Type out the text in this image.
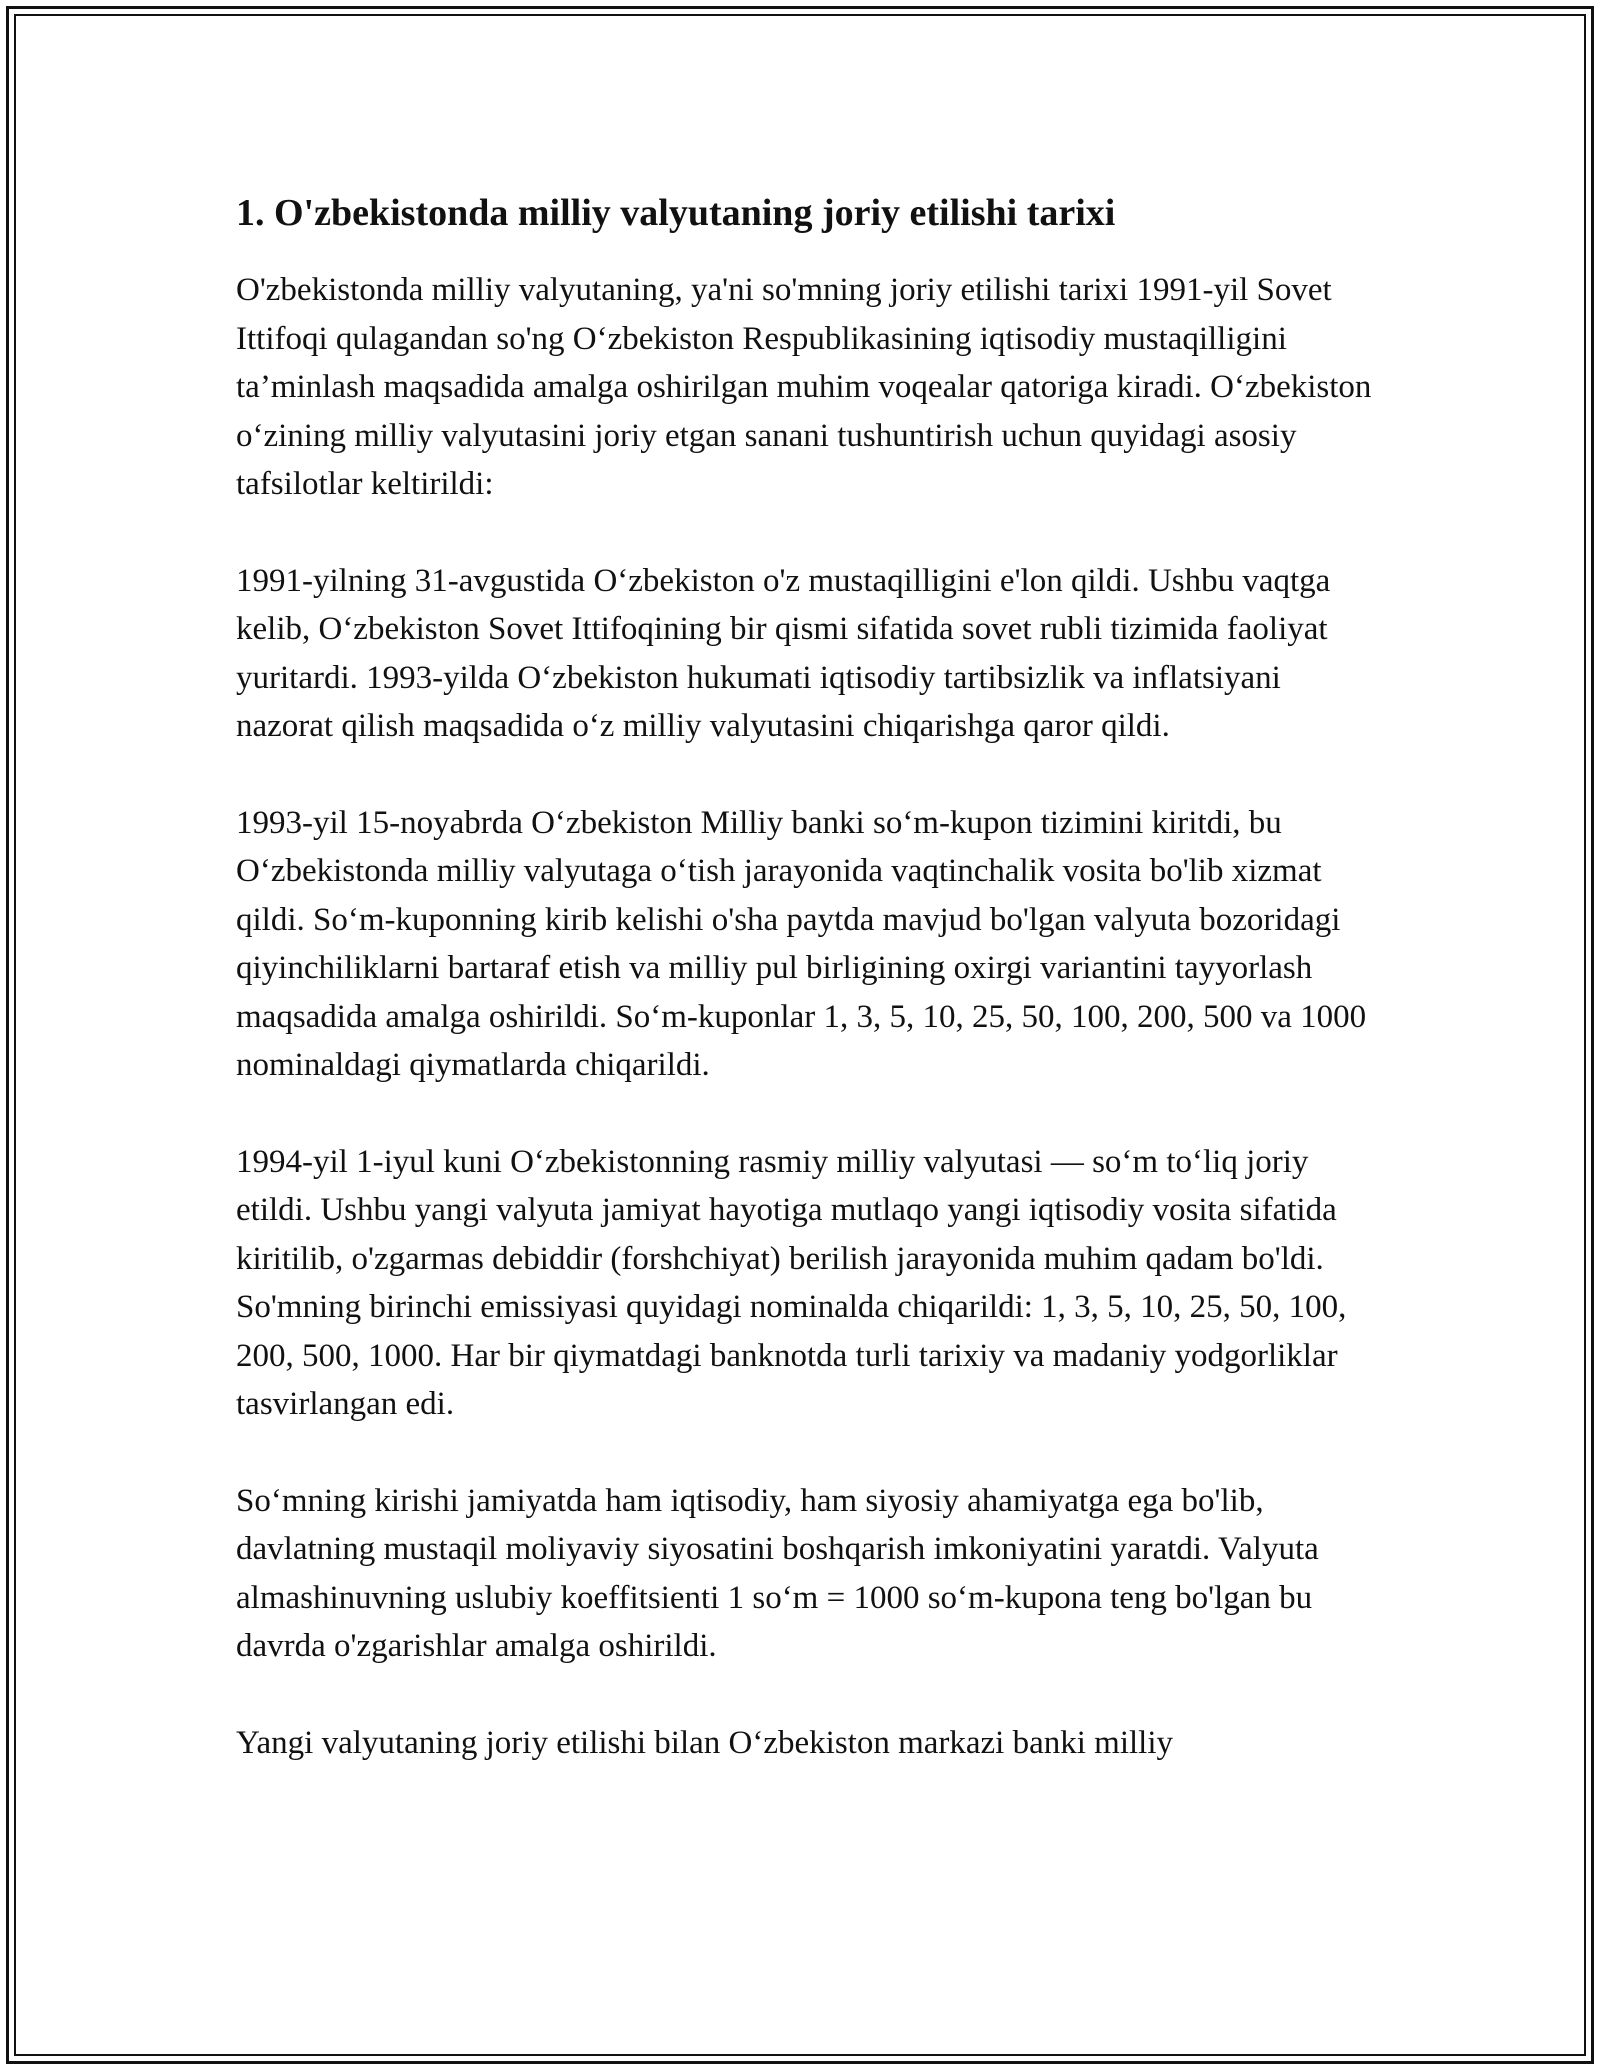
1. O'zbekistonda milliy valyutaning joriy etilishi tarixi

O'zbekistonda milliy valyutaning, ya'ni so'mning joriy etilishi tarixi 1991-yil Sovet Ittifoqi qulagandan so'ng O‘zbekiston Respublikasining iqtisodiy mustaqilligini ta’minlash maqsadida amalga oshirilgan muhim voqealar qatoriga kiradi. O‘zbekiston o‘zining milliy valyutasini joriy etgan sanani tushuntirish uchun quyidagi asosiy tafsilotlar keltirildi:

1991-yilning 31-avgustida O‘zbekiston o'z mustaqilligini e'lon qildi. Ushbu vaqtga kelib, O‘zbekiston Sovet Ittifoqining bir qismi sifatida sovet rubli tizimida faoliyat yuritardi. 1993-yilda O‘zbekiston hukumati iqtisodiy tartibsizlik va inflatsiyani nazorat qilish maqsadida o‘z milliy valyutasini chiqarishga qaror qildi.

1993-yil 15-noyabrda O‘zbekiston Milliy banki so‘m-kupon tizimini kiritdi, bu O‘zbekistonda milliy valyutaga o‘tish jarayonida vaqtinchalik vosita bo'lib xizmat qildi. So‘m-kuponning kirib kelishi o'sha paytda mavjud bo'lgan valyuta bozoridagi qiyinchiliklarni bartaraf etish va milliy pul birligining oxirgi variantini tayyorlash maqsadida amalga oshirildi. So‘m-kuponlar 1, 3, 5, 10, 25, 50, 100, 200, 500 va 1000 nominaldagi qiymatlarda chiqarildi.

1994-yil 1-iyul kuni O‘zbekistonning rasmiy milliy valyutasi — so‘m to‘liq joriy etildi. Ushbu yangi valyuta jamiyat hayotiga mutlaqo yangi iqtisodiy vosita sifatida kiritilib, o'zgarmas debiddir (forshchiyat) berilish jarayonida muhim qadam bo'ldi. So'mning birinchi emissiyasi quyidagi nominalda chiqarildi: 1, 3, 5, 10, 25, 50, 100, 200, 500, 1000. Har bir qiymatdagi banknotda turli tarixiy va madaniy yodgorliklar tasvirlangan edi.

So‘mning kirishi jamiyatda ham iqtisodiy, ham siyosiy ahamiyatga ega bo'lib, davlatning mustaqil moliyaviy siyosatini boshqarish imkoniyatini yaratdi. Valyuta almashinuvning uslubiy koeffitsienti 1 so‘m = 1000 so‘m-kupona teng bo'lgan bu davrda o'zgarishlar amalga oshirildi.

Yangi valyutaning joriy etilishi bilan O‘zbekiston markazi banki milliy
